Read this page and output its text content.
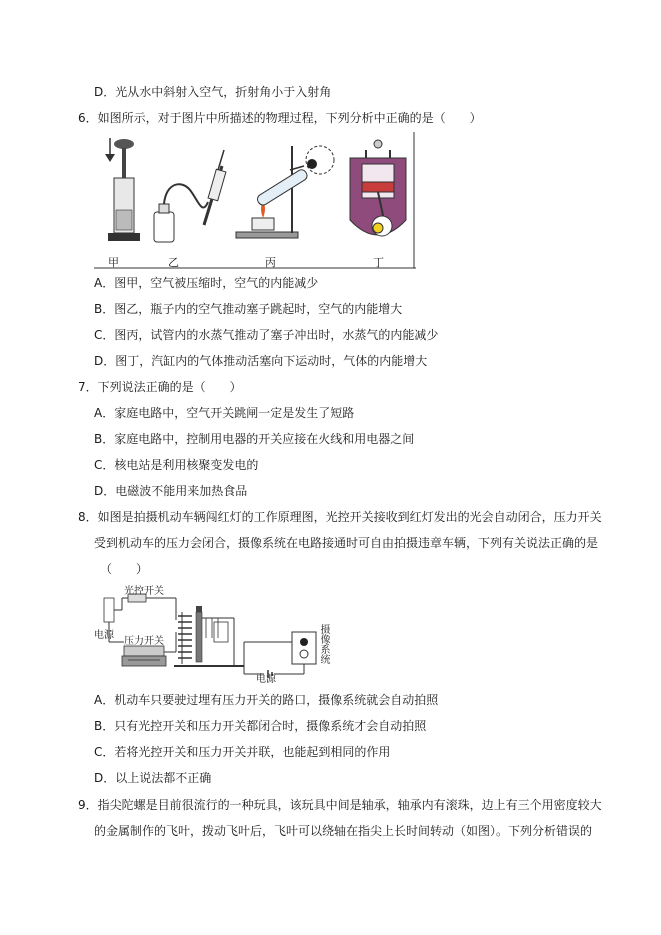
D．光从水中斜射入空气，折射角小于入射角
6．如图所示，对于图片中所描述的物理过程，下列分析中正确的是（　　）
甲	乙	丙	丁
A．图甲，空气被压缩时，空气的内能减少
B．图乙，瓶子内的空气推动塞子跳起时，空气的内能增大
C．图丙，试管内的水蒸气推动了塞子冲出时，水蒸气的内能减少
D．图丁，汽缸内的气体推动活塞向下运动时，气体的内能增大
7．下列说法正确的是（　　）
A．家庭电路中，空气开关跳闸一定是发生了短路
B．家庭电路中，控制用电器的开关应接在火线和用电器之间
C．核电站是利用核聚变发电的
D．电磁波不能用来加热食品
8．如图是拍摄机动车辆闯红灯的工作原理图，光控开关接收到红灯发出的光会自动闭合，压力开关
受到机动车的压力会闭合，摄像系统在电路接通时可自由拍摄违章车辆，下列有关说法正确的是
（　　）
光控开关
电源
压力开关
电源
摄像系统
A．机动车只要驶过埋有压力开关的路口，摄像系统就会自动拍照
B．只有光控开关和压力开关都闭合时，摄像系统才会自动拍照
C．若将光控开关和压力开关并联，也能起到相同的作用
D．以上说法都不正确
9．指尖陀螺是目前很流行的一种玩具，该玩具中间是轴承，轴承内有滚珠，边上有三个用密度较大
的金属制作的飞叶，拨动飞叶后，飞叶可以绕轴在指尖上长时间转动（如图）。下列分析错误的
